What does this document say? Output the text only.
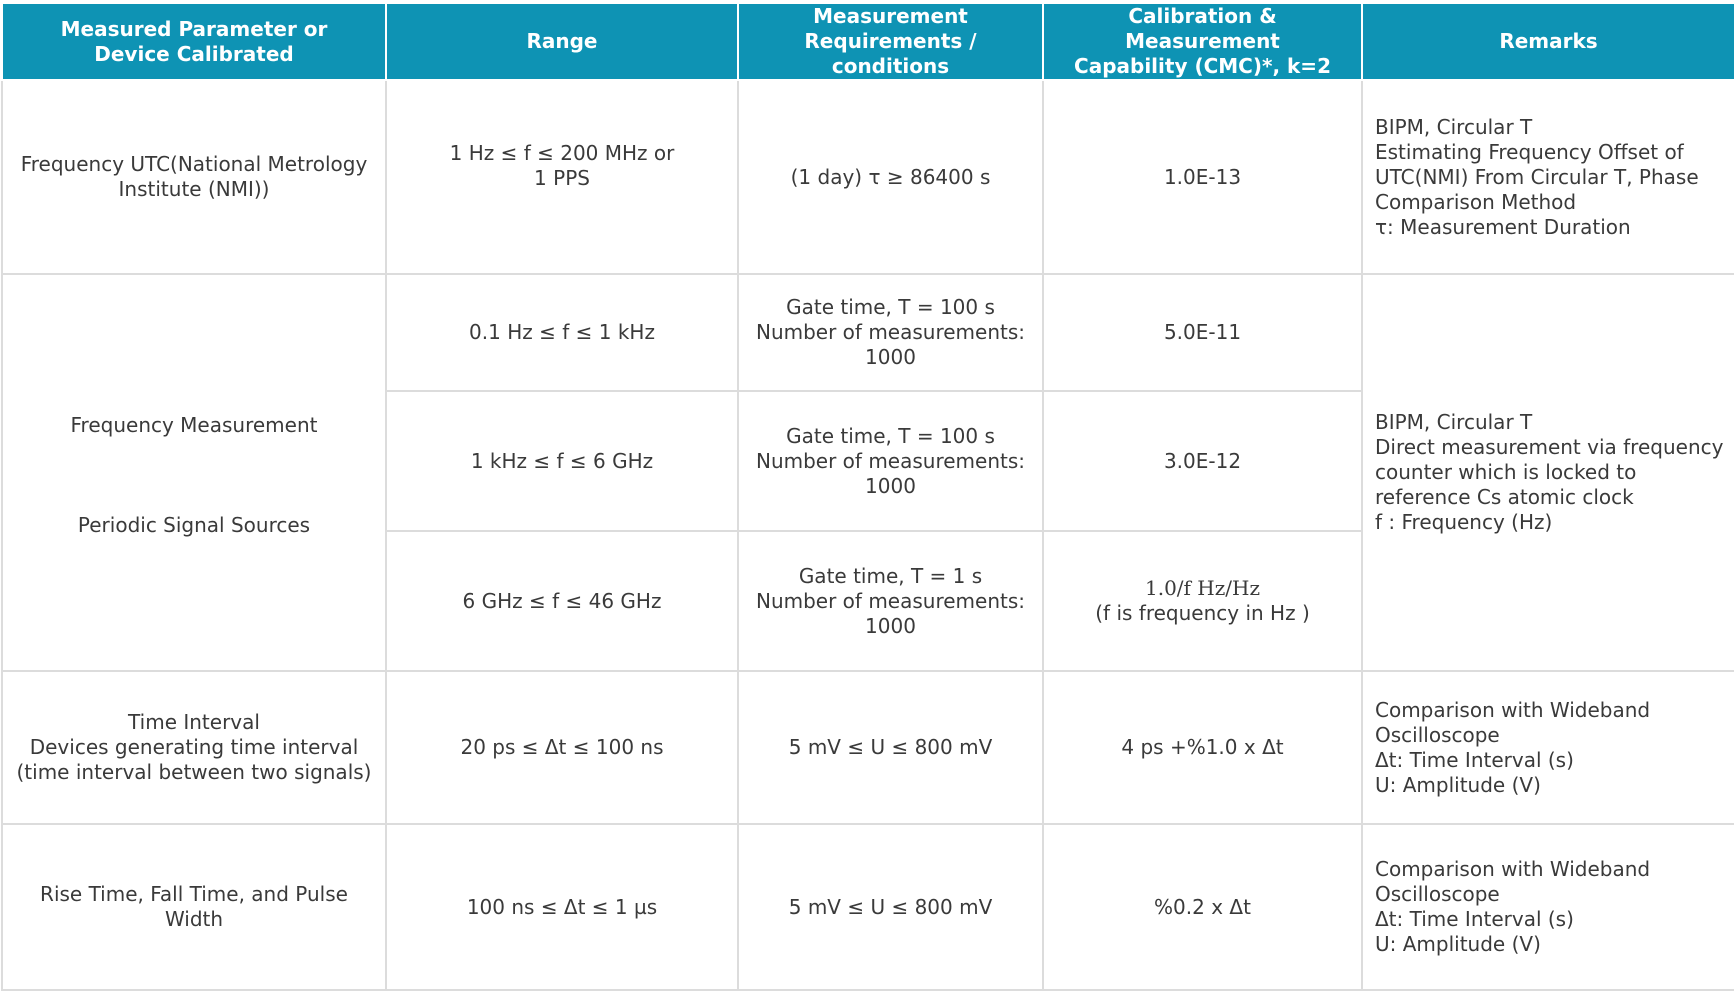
Measured Parameter or
Device Calibrated	Range	Measurement
Requirements / conditions	Calibration & Measurement
Capability (CMC)*, k=2	Remarks

Frequency UTC(National Metrology
Institute (NMI))	1 Hz ≤ f ≤ 200 MHz or
1 PPS	(1 day) τ ≥ 86400 s	1.0E-13	BIPM, Circular T
Estimating Frequency Offset of
UTC(NMI) From Circular T, Phase
Comparison Method
τ: Measurement Duration

Frequency Measurement
Periodic Signal Sources	0.1 Hz ≤ f ≤ 1 kHz	Gate time, T = 100 s
Number of measurements:
1000	5.0E-11	BIPM, Circular T
Direct measurement via frequency
counter which is locked to
reference Cs atomic clock
f : Frequency (Hz)

	1 kHz ≤ f ≤ 6 GHz	Gate time, T = 100 s
Number of measurements:
1000	3.0E-12	
	6 GHz ≤ f ≤ 46 GHz	Gate time, T = 1 s
Number of measurements:
1000	1.0/f Hz/Hz
(f is frequency in Hz )	

Time Interval
Devices generating time interval
(time interval between two signals)	20 ps ≤ Δt ≤ 100 ns	5 mV ≤ U ≤ 800 mV	4 ps +%1.0 x Δt	Comparison with Wideband
Oscilloscope
Δt: Time Interval (s)
U: Amplitude (V)

Rise Time, Fall Time, and Pulse
Width	100 ns ≤ Δt ≤ 1 µs	5 mV ≤ U ≤ 800 mV	%0.2 x Δt	Comparison with Wideband
Oscilloscope
Δt: Time Interval (s)
U: Amplitude (V)
